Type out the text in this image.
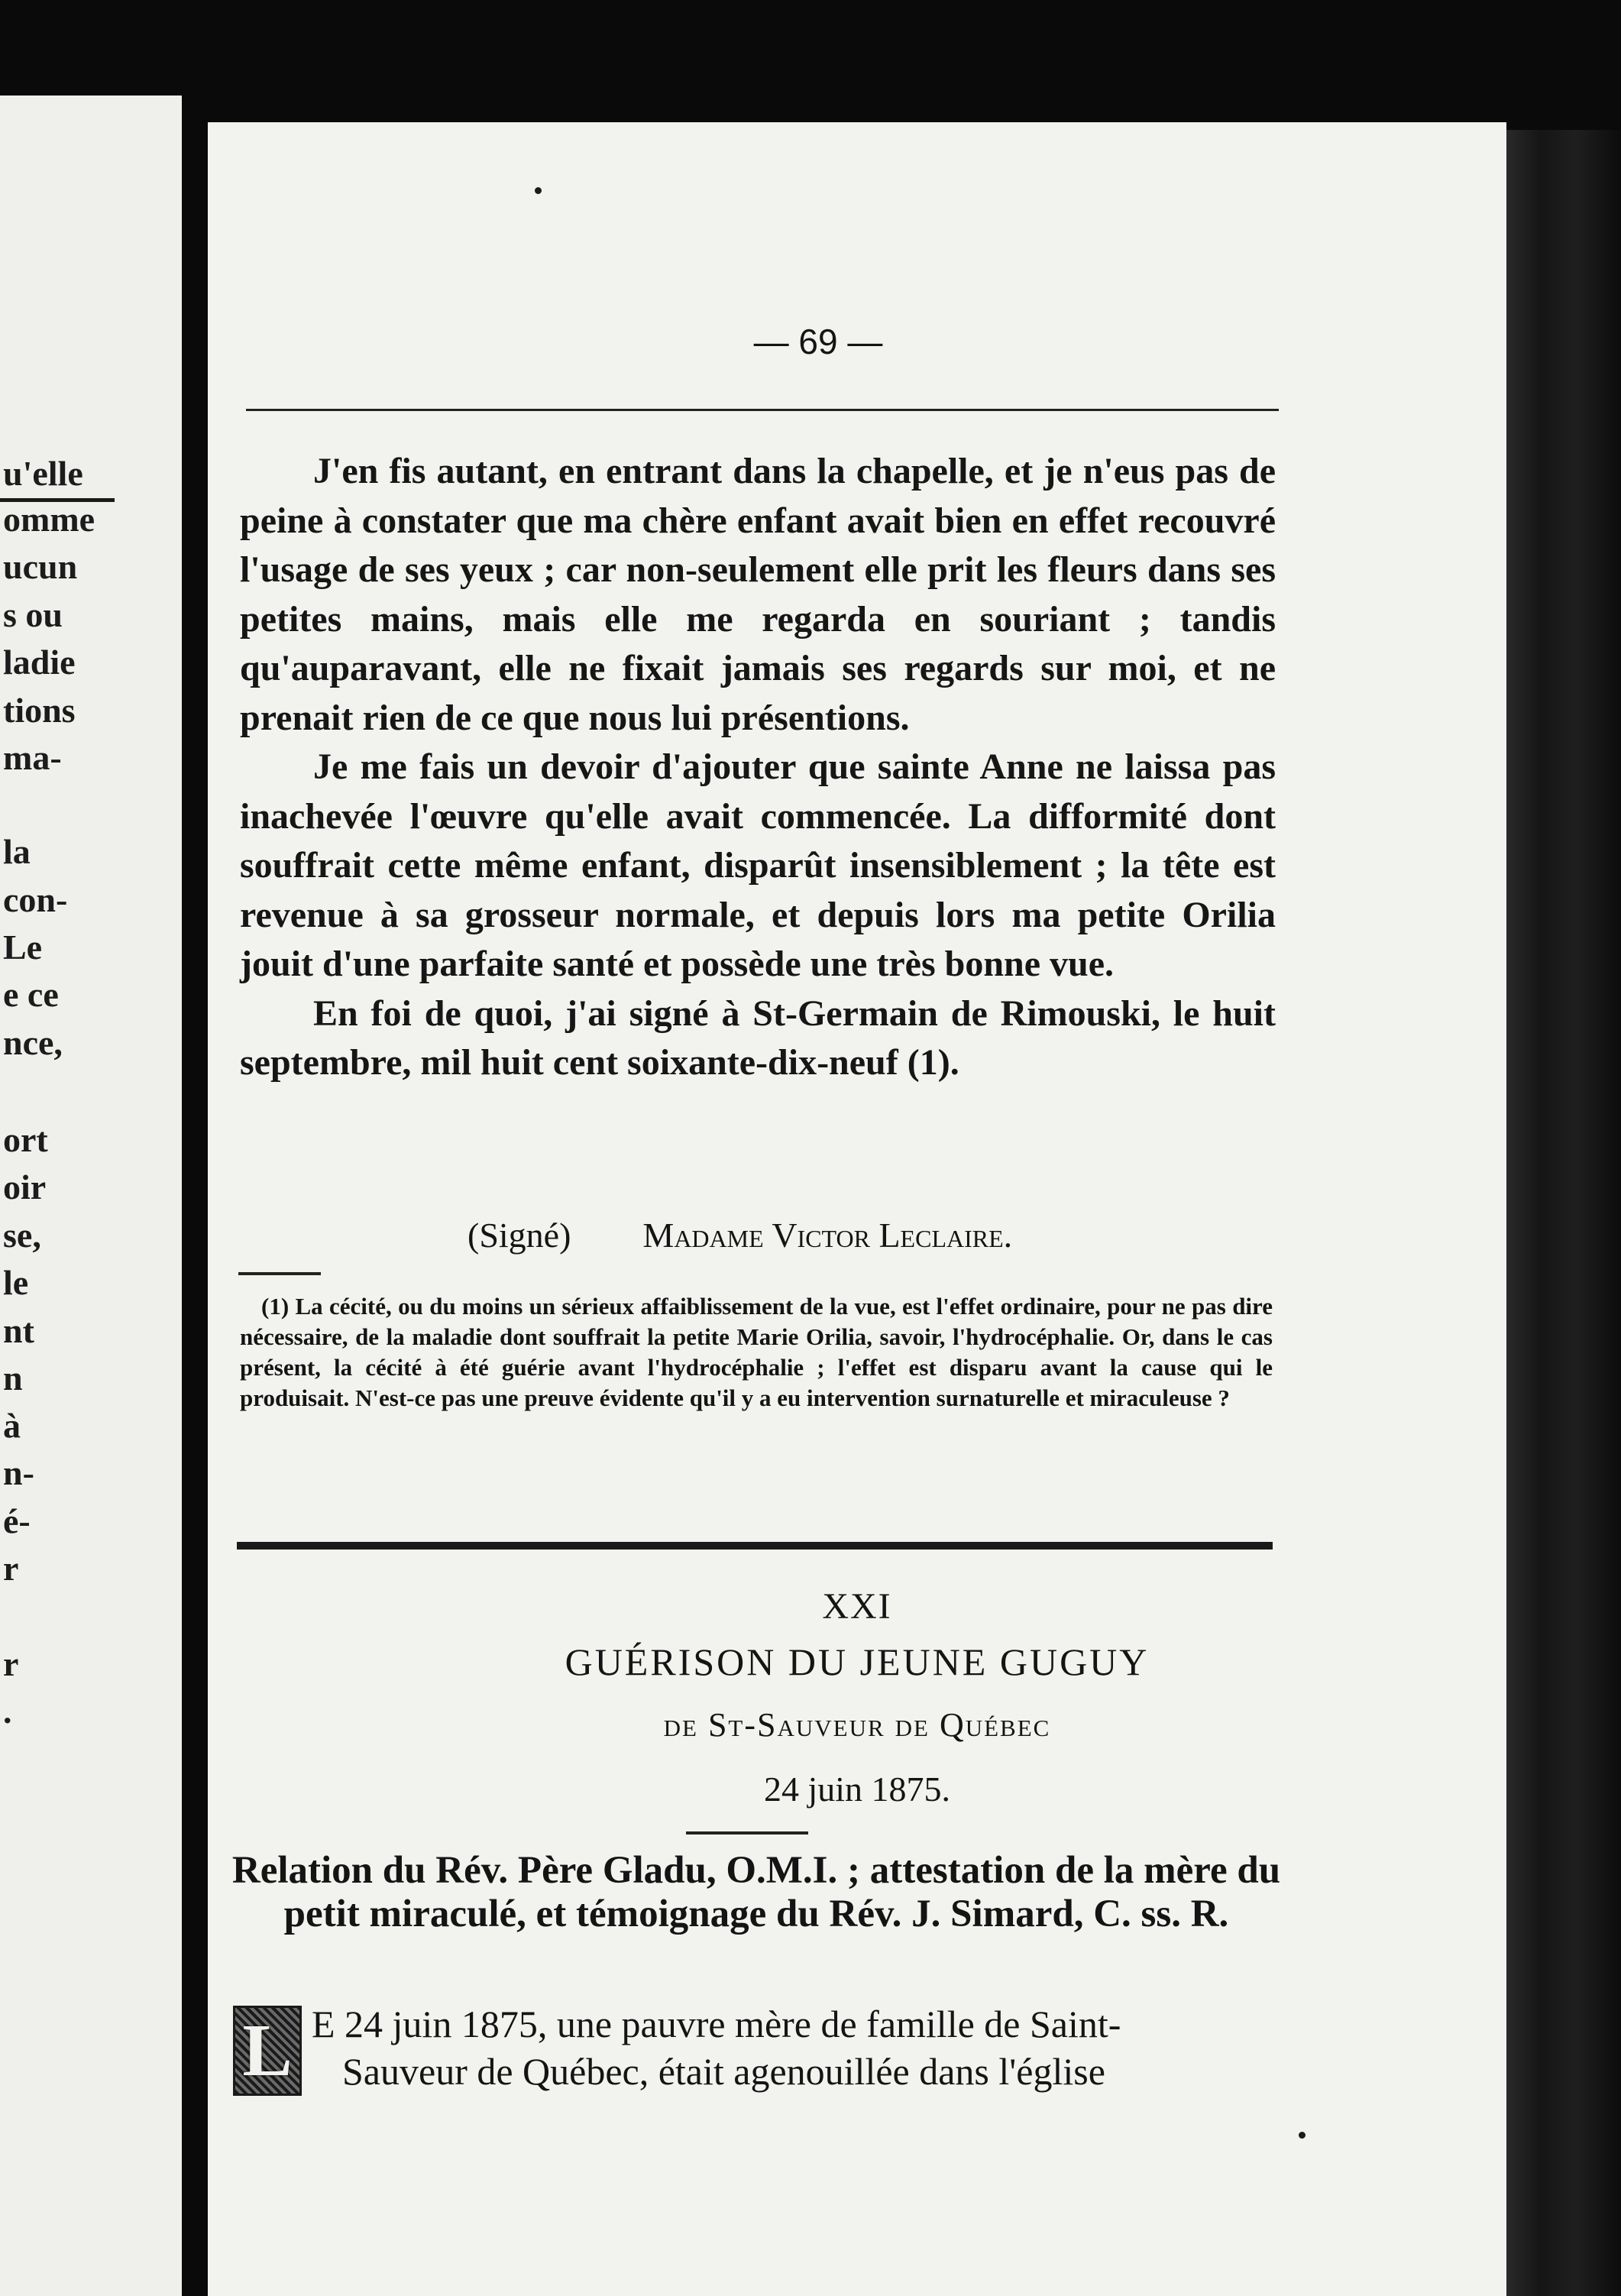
u'elle
omme
ucun
s ou
ladie
tions
ma-
la
con-
Le
e ce
nce,
ort
oir
se,
le
nt
n
à
n-
é-
r
r
.
— 69 —

J'en fis autant, en entrant dans la chapelle, et je n'eus pas de peine à constater que ma chère enfant avait bien en effet recouvré l'usage de ses yeux ; car non-seulement elle prit les fleurs dans ses petites mains, mais elle me regarda en souriant ; tandis qu'auparavant, elle ne fixait jamais ses regards sur moi, et ne prenait rien de ce que nous lui présentions.

Je me fais un devoir d'ajouter que sainte Anne ne laissa pas inachevée l'œuvre qu'elle avait commencée. La difformité dont souffrait cette même enfant, disparût insensiblement ; la tête est revenue à sa grosseur normale, et depuis lors ma petite Orilia jouit d'une parfaite santé et possède une très bonne vue.

En foi de quoi, j'ai signé à St-Germain de Rimouski, le huit septembre, mil huit cent soixante-dix-neuf (1).

(Signé) Madame Victor Leclaire.

(1) La cécité, ou du moins un sérieux affaiblissement de la vue, est l'effet ordinaire, pour ne pas dire nécessaire, de la maladie dont souffrait la petite Marie Orilia, savoir, l'hydrocéphalie. Or, dans le cas présent, la cécité à été guérie avant l'hydrocéphalie ; l'effet est disparu avant la cause qui le produisait. N'est-ce pas une preuve évidente qu'il y a eu intervention surnaturelle et miraculeuse ?

XXI
GUÉRISON DU JEUNE GUGUY
de St-Sauveur de Québec
24 juin 1875.
Relation du Rév. Père Gladu, O.M.I. ; attestation de la mère du petit miraculé, et témoignage du Rév. J. Simard, C. ss. R.
L E 24 juin 1875, une pauvre mère de famille de Saint-
Sauveur de Québec, était agenouillée dans l'église
